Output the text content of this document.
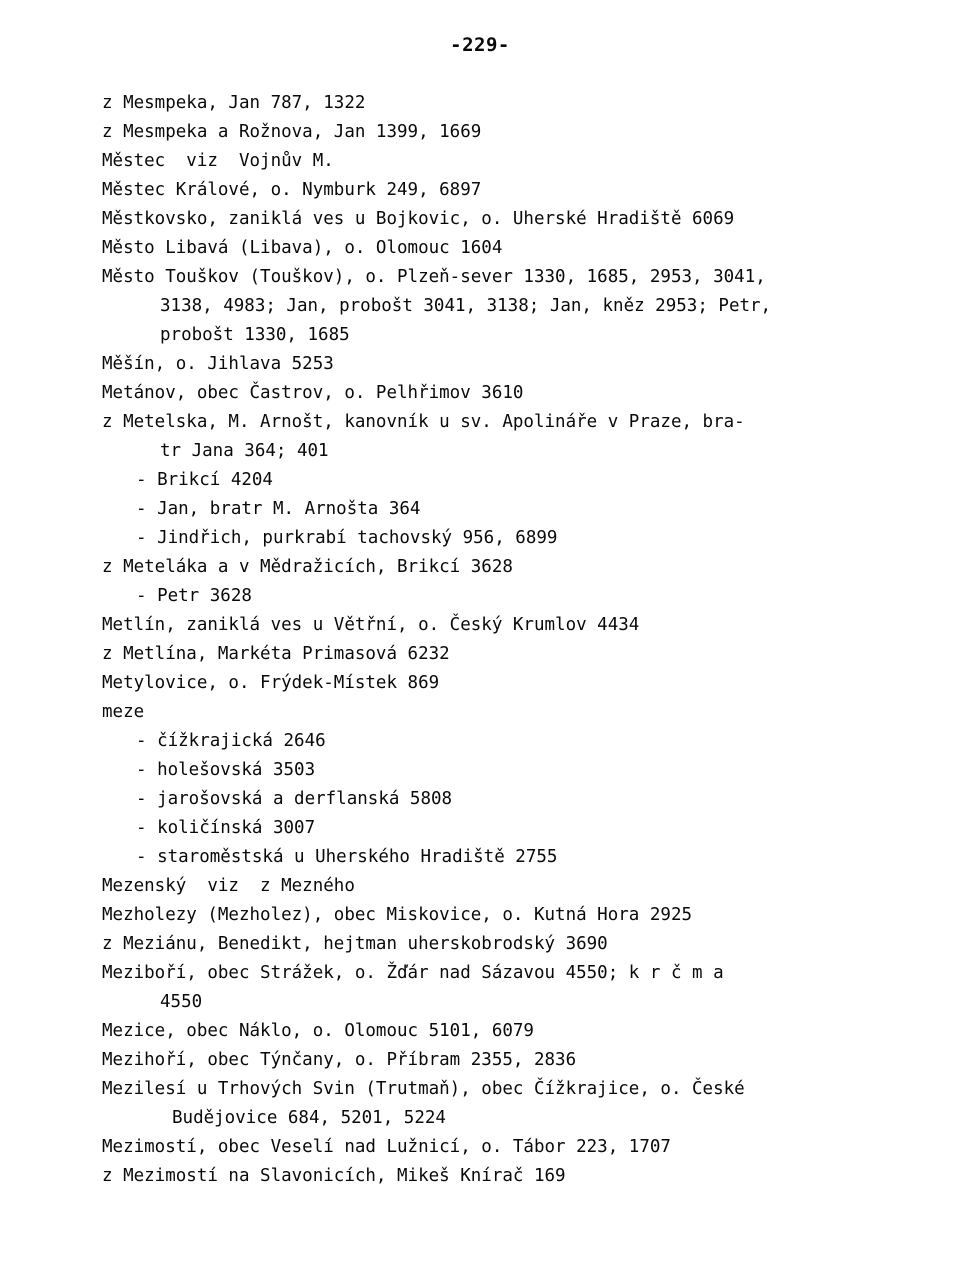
-229-
z Mesmpeka, Jan 787, 1322
z Mesmpeka a Rožnova, Jan 1399, 1669
Městec  viz  Vojnův M.
Městec Králové, o. Nymburk 249, 6897
Městkovsko, zaniklá ves u Bojkovic, o. Uherské Hradiště 6069
Město Libavá (Libava), o. Olomouc 1604
Město Touškov (Touškov), o. Plzeň-sever 1330, 1685, 2953, 3041,
3138, 4983; Jan, probošt 3041, 3138; Jan, kněz 2953; Petr,
probošt 1330, 1685
Měšín, o. Jihlava 5253
Metánov, obec Častrov, o. Pelhřimov 3610
z Metelska, M. Arnošt, kanovník u sv. Apolináře v Praze, bra-
tr Jana 364; 401
- Brikcí 4204
- Jan, bratr M. Arnošta 364
- Jindřich, purkrabí tachovský 956, 6899
z Meteláka a v Mědražicích, Brikcí 3628
- Petr 3628
Metlín, zaniklá ves u Větřní, o. Český Krumlov 4434
z Metlína, Markéta Primasová 6232
Metylovice, o. Frýdek-Místek 869
meze
- čížkrajická 2646
- holešovská 3503
- jarošovská a derflanská 5808
- količínská 3007
- staroměstská u Uherského Hradiště 2755
Mezenský  viz  z Mezného
Mezholezy (Mezholez), obec Miskovice, o. Kutná Hora 2925
z Meziánu, Benedikt, hejtman uherskobrodský 3690
Meziboří, obec Strážek, o. Žďár nad Sázavou 4550; k r č m a
4550
Mezice, obec Náklo, o. Olomouc 5101, 6079
Mezihoří, obec Týnčany, o. Příbram 2355, 2836
Mezilesí u Trhových Svin (Trutmaň), obec Čížkrajice, o. České
Budějovice 684, 5201, 5224
Mezimostí, obec Veselí nad Lužnicí, o. Tábor 223, 1707
z Mezimostí na Slavonicích, Mikeš Knírač 169
